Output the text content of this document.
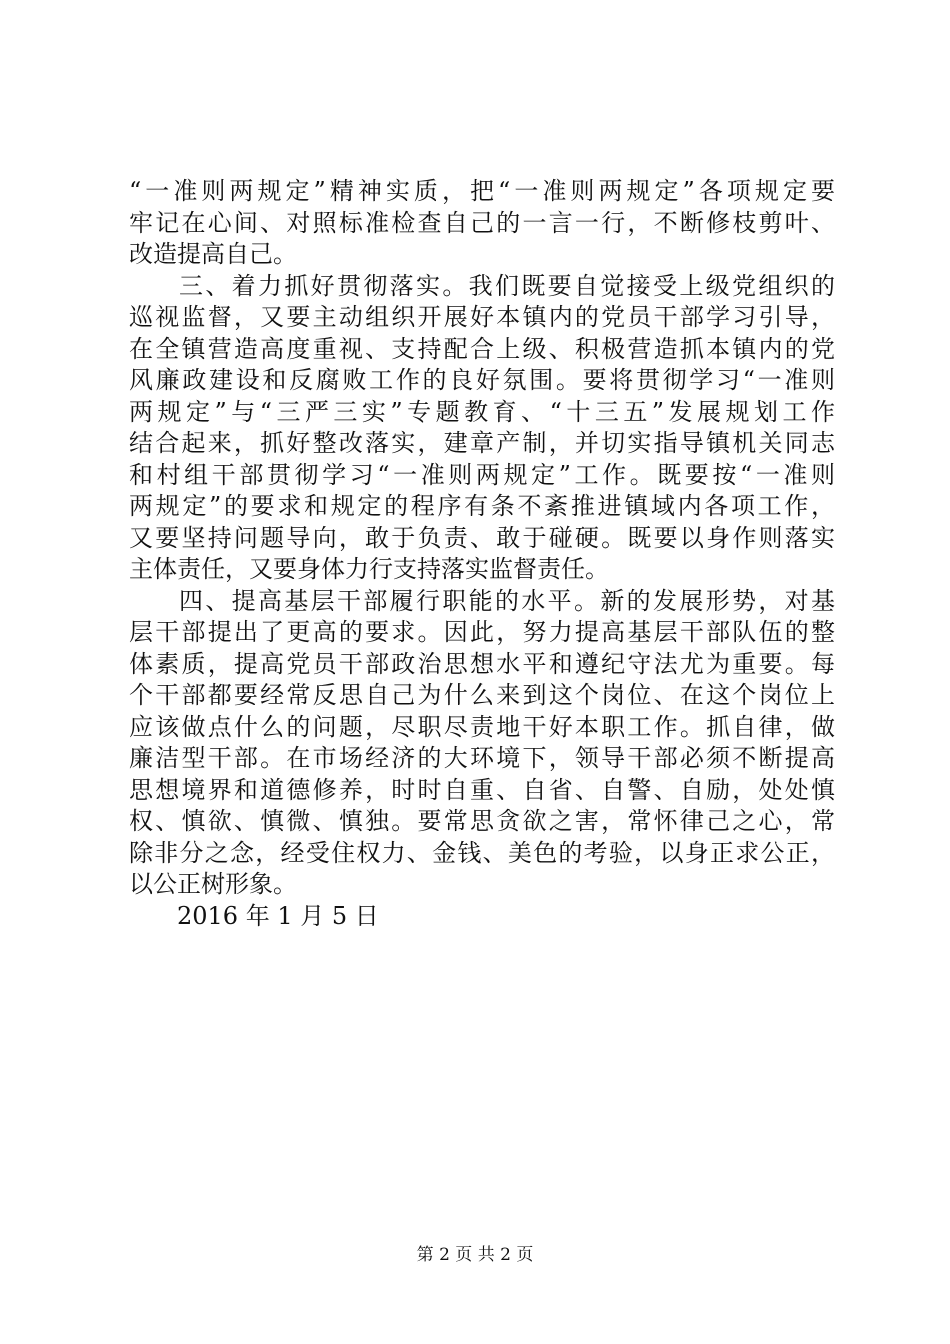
“一准则两规定”精神实质，把“一准则两规定”各项规定要
牢记在心间、对照标准检查自己的一言一行，不断修枝剪叶、
改造提高自己。
三、着力抓好贯彻落实。我们既要自觉接受上级党组织的
巡视监督，又要主动组织开展好本镇内的党员干部学习引导，
在全镇营造高度重视、支持配合上级、积极营造抓本镇内的党
风廉政建设和反腐败工作的良好氛围。要将贯彻学习“一准则
两规定”与“三严三实”专题教育、“十三五”发展规划工作
结合起来，抓好整改落实，建章产制，并切实指导镇机关同志
和村组干部贯彻学习“一准则两规定”工作。既要按“一准则
两规定”的要求和规定的程序有条不紊推进镇域内各项工作，
又要坚持问题导向，敢于负责、敢于碰硬。既要以身作则落实
主体责任，又要身体力行支持落实监督责任。
四、提高基层干部履行职能的水平。新的发展形势，对基
层干部提出了更高的要求。因此，努力提高基层干部队伍的整
体素质，提高党员干部政治思想水平和遵纪守法尤为重要。每
个干部都要经常反思自己为什么来到这个岗位、在这个岗位上
应该做点什么的问题，尽职尽责地干好本职工作。抓自律，做
廉洁型干部。在市场经济的大环境下，领导干部必须不断提高
思想境界和道德修养，时时自重、自省、自警、自励，处处慎
权、慎欲、慎微、慎独。要常思贪欲之害，常怀律己之心，常
除非分之念，经受住权力、金钱、美色的考验，以身正求公正，
以公正树形象。
2016 年 1 月 5 日
第 2 页 共 2 页
